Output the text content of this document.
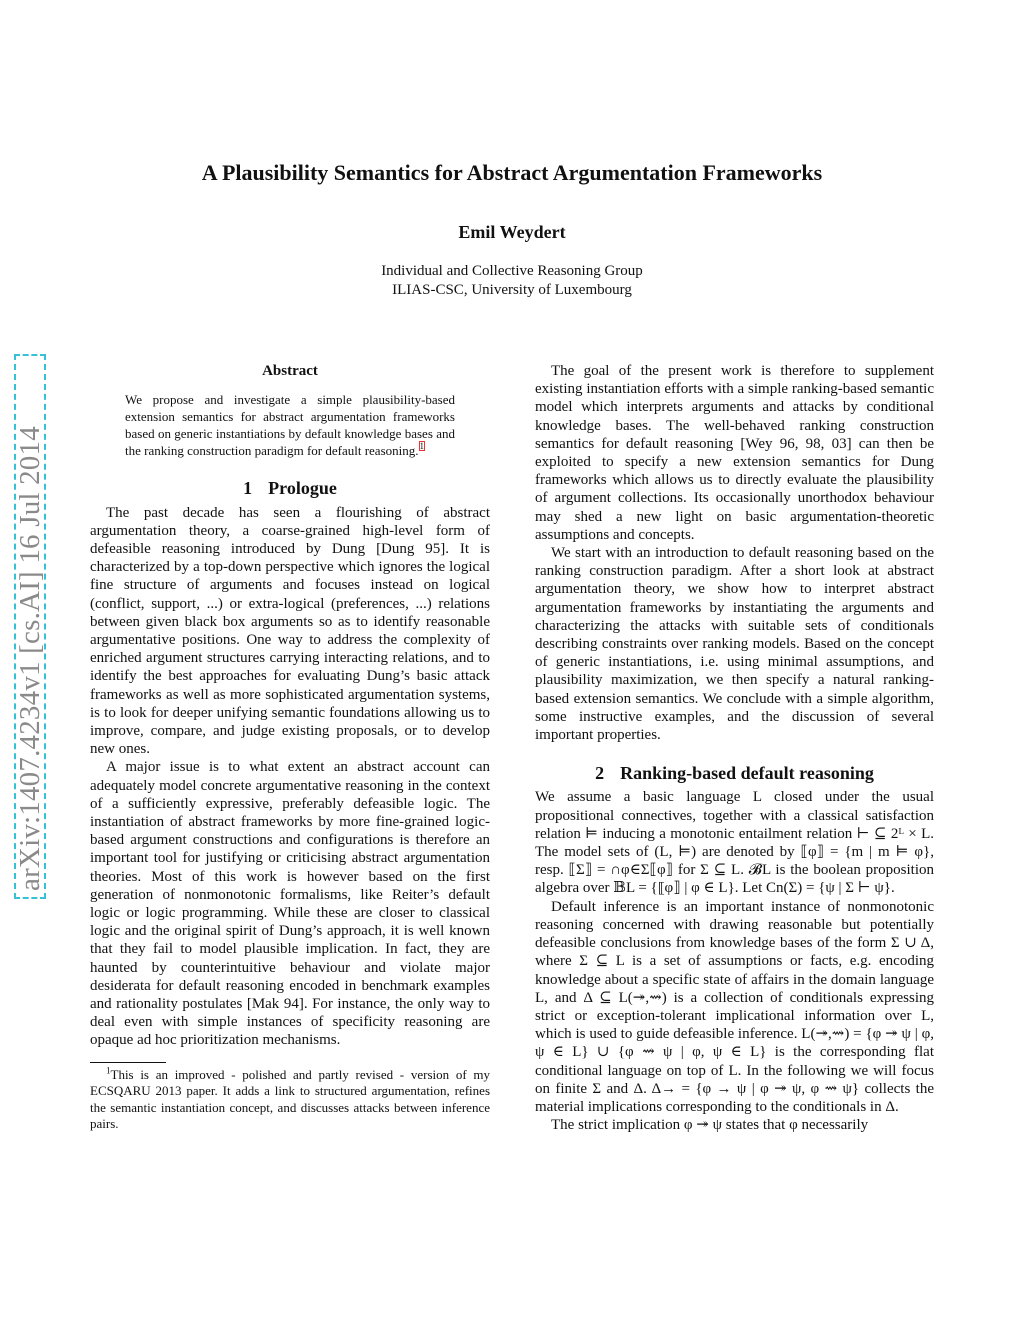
arXiv:1407.4234v1 [cs.AI] 16 Jul 2014
A Plausibility Semantics for Abstract Argumentation Frameworks
Emil Weydert
Individual and Collective Reasoning Group
ILIAS-CSC, University of Luxembourg
Abstract
We propose and investigate a simple plausibility-based extension semantics for abstract argumentation frameworks based on generic instantiations by default knowledge bases and the ranking construction paradigm for default reasoning.$^1$
1 Prologue

The past decade has seen a flourishing of abstract argumentation theory, a coarse-grained high-level form of defeasible reasoning introduced by Dung [Dung 95]. It is characterized by a top-down perspective which ignores the logical fine structure of arguments and focuses instead on logical (conflict, support, ...) or extra-logical (preferences, ...) relations between given black box arguments so as to identify reasonable argumentative positions. One way to address the complexity of enriched argument structures carrying interacting relations, and to identify the best approaches for evaluating Dung’s basic attack frameworks as well as more sophisticated argumentation systems, is to look for deeper unifying semantic foundations allowing us to improve, compare, and judge existing proposals, or to develop new ones.

A major issue is to what extent an abstract account can adequately model concrete argumentative reasoning in the context of a sufficiently expressive, preferably defeasible logic. The instantiation of abstract frameworks by more fine-grained logic-based argument constructions and configurations is therefore an important tool for justifying or criticising abstract argumentation theories. Most of this work is however based on the first generation of nonmonotonic formalisms, like Reiter’s default logic or logic programming. While these are closer to classical logic and the original spirit of Dung’s approach, it is well known that they fail to model plausible implication. In fact, they are haunted by counterintuitive behaviour and violate major desiderata for default reasoning encoded in benchmark examples and rationality postulates [Mak 94]. For instance, the only way to deal even with simple instances of specificity reasoning are opaque ad hoc prioritization mechanisms.

$^1$This is an improved - polished and partly revised - version of my ECSQARU 2013 paper. It adds a link to structured argumentation, refines the semantic instantiation concept, and discusses attacks between inference pairs.

The goal of the present work is therefore to supplement existing instantiation efforts with a simple ranking-based semantic model which interprets arguments and attacks by conditional knowledge bases. The well-behaved ranking construction semantics for default reasoning [Wey 96, 98, 03] can then be exploited to specify a new extension semantics for Dung frameworks which allows us to directly evaluate the plausibility of argument collections. Its occasionally unorthodox behaviour may shed a new light on basic argumentation-theoretic assumptions and concepts.

We start with an introduction to default reasoning based on the ranking construction paradigm. After a short look at abstract argumentation theory, we show how to interpret abstract argumentation frameworks by instantiating the arguments and characterizing the attacks with suitable sets of conditionals describing constraints over ranking models. Based on the concept of generic instantiations, i.e. using minimal assumptions, and plausibility maximization, we then specify a natural ranking-based extension semantics. We conclude with a simple algorithm, some instructive examples, and the discussion of several important properties.

2 Ranking-based default reasoning

We assume a basic language L closed under the usual propositional connectives, together with a classical satisfaction relation ⊨ inducing a monotonic entailment relation ⊢ ⊆ 2ᴸ × L. The model sets of (L, ⊨) are denoted by ⟦φ⟧ = {m | m ⊨ φ}, resp. ⟦Σ⟧ = ∩φ∈Σ⟦φ⟧ for Σ ⊆ L. 𝓑L is the boolean proposition algebra over 𝔹L = {⟦φ⟧ | φ ∈ L}. Let Cn(Σ) = {ψ | Σ ⊢ ψ}.

Default inference is an important instance of nonmonotonic reasoning concerned with drawing reasonable but potentially defeasible conclusions from knowledge bases of the form Σ ∪ Δ, where Σ ⊆ L is a set of assumptions or facts, e.g. encoding knowledge about a specific state of affairs in the domain language L, and Δ ⊆ L(↠,⇝) is a collection of conditionals expressing strict or exception-tolerant implicational information over L, which is used to guide defeasible inference. L(↠,⇝) = {φ ↠ ψ | φ, ψ ∈ L} ∪ {φ ⇝ ψ | φ, ψ ∈ L} is the corresponding flat conditional language on top of L. In the following we will focus on finite Σ and Δ. Δ→ = {φ → ψ | φ ↠ ψ, φ ⇝ ψ} collects the material implications corresponding to the conditionals in Δ.

The strict implication φ ↠ ψ states that φ necessarily
